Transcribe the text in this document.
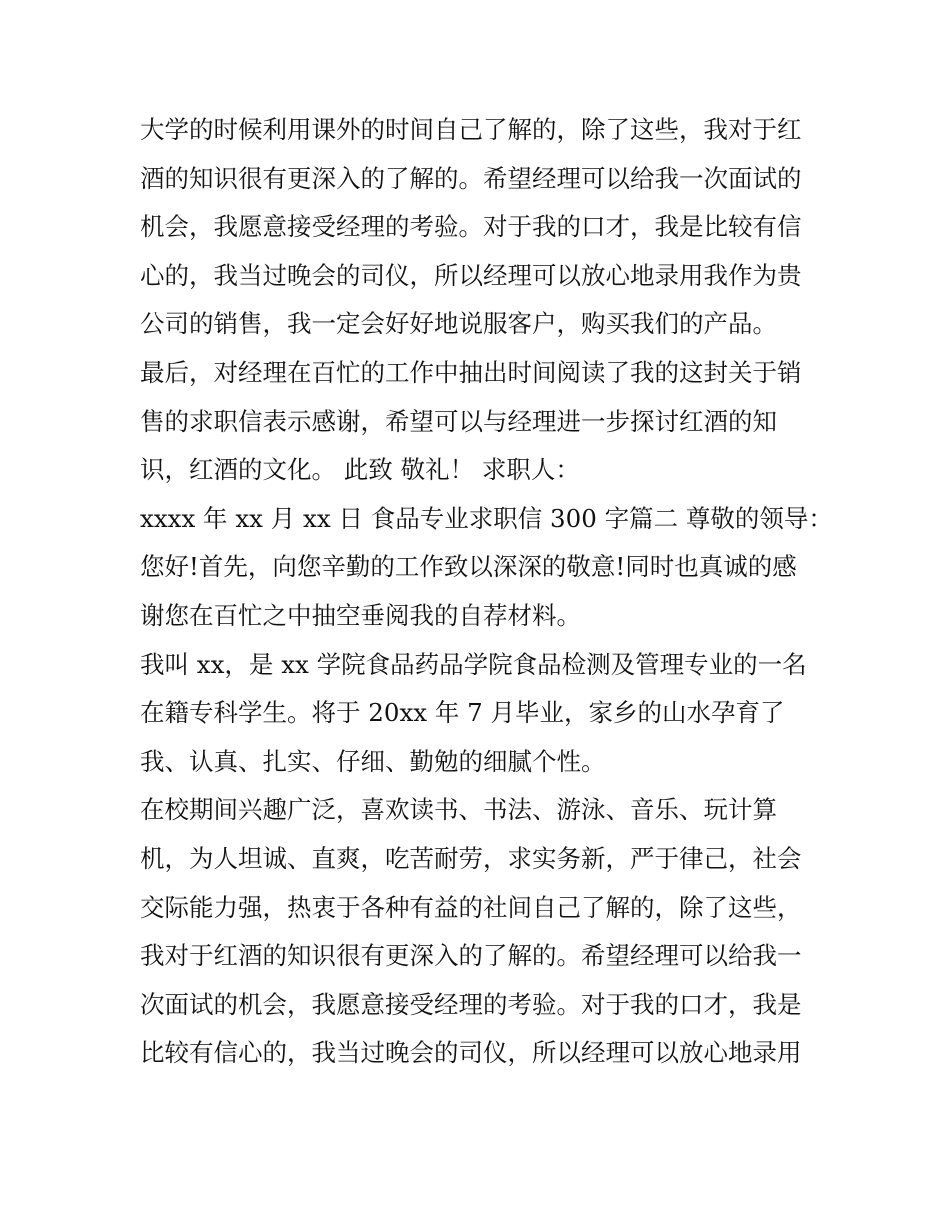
大学的时候利用课外的时间自己了解的，除了这些，我对于红
酒的知识很有更深入的了解的。希望经理可以给我一次面试的
机会，我愿意接受经理的考验。对于我的口才，我是比较有信
心的，我当过晚会的司仪，所以经理可以放心地录用我作为贵
公司的销售，我一定会好好地说服客户，购买我们的产品。
最后，对经理在百忙的工作中抽出时间阅读了我的这封关于销
售的求职信表示感谢，希望可以与经理进一步探讨红酒的知
识，红酒的文化。 此致 敬礼！ 求职人：
xxxx 年 xx 月 xx 日 食品专业求职信 300 字篇二 尊敬的领导：
您好!首先，向您辛勤的工作致以深深的敬意!同时也真诚的感
谢您在百忙之中抽空垂阅我的自荐材料。
我叫 xx，是 xx 学院食品药品学院食品检测及管理专业的一名
在籍专科学生。将于 20xx 年 7 月毕业，家乡的山水孕育了
我、认真、扎实、仔细、勤勉的细腻个性。
在校期间兴趣广泛，喜欢读书、书法、游泳、音乐、玩计算
机，为人坦诚、直爽，吃苦耐劳，求实务新，严于律己，社会
交际能力强，热衷于各种有益的社间自己了解的，除了这些，
我对于红酒的知识很有更深入的了解的。希望经理可以给我一
次面试的机会，我愿意接受经理的考验。对于我的口才，我是
比较有信心的，我当过晚会的司仪，所以经理可以放心地录用
